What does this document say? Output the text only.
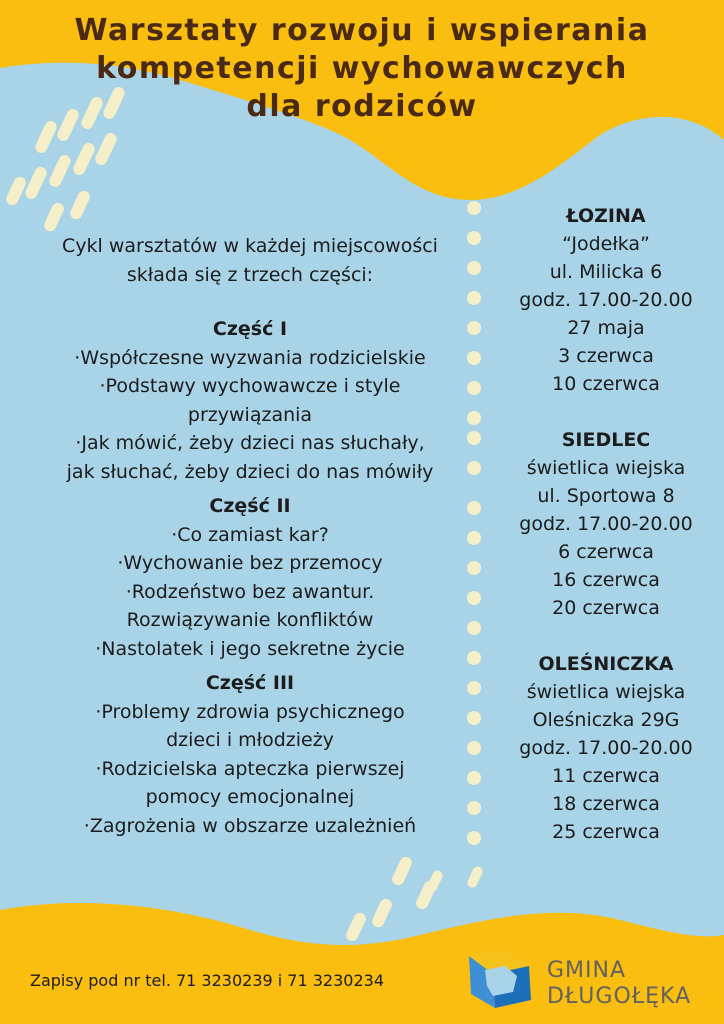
Warsztaty rozwoju i wspierania
kompetencji wychowawczych
dla rodziców
Cykl warsztatów w każdej miejscowości
składa się z trzech części:
Część I
·Współczesne wyzwania rodzicielskie
·Podstawy wychowawcze i style
przywiązania
·Jak mówić, żeby dzieci nas słuchały,
jak słuchać, żeby dzieci do nas mówiły
Część II
·Co zamiast kar?
·Wychowanie bez przemocy
·Rodzeństwo bez awantur.
Rozwiązywanie konfliktów
·Nastolatek i jego sekretne życie
Część III
·Problemy zdrowia psychicznego
dzieci i młodzieży
·Rodzicielska apteczka pierwszej
pomocy emocjonalnej
·Zagrożenia w obszarze uzależnień
ŁOZINA
“Jodełka”
ul. Milicka 6
godz. 17.00-20.00
27 maja
3 czerwca
10 czerwca
SIEDLEC
świetlica wiejska
ul. Sportowa 8
godz. 17.00-20.00
6 czerwca
16 czerwca
20 czerwca
OLEŚNICZKA
świetlica wiejska
Oleśniczka 29G
godz. 17.00-20.00
11 czerwca
18 czerwca
25 czerwca
Zapisy pod nr tel. 71 3230239 i 71 3230234	GMINA
DŁUGOŁĘKA
